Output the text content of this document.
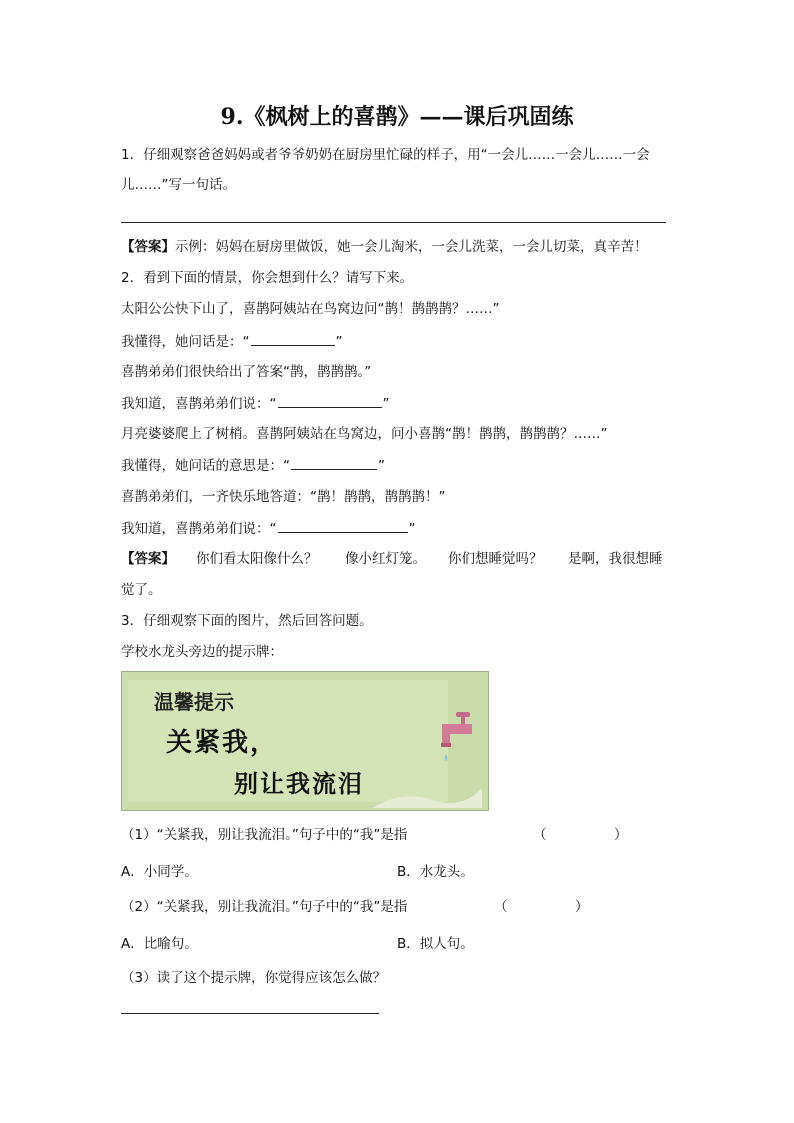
9.《枫树上的喜鹊》——课后巩固练
1．仔细观察爸爸妈妈或者爷爷奶奶在厨房里忙碌的样子，用“一会儿……一会儿……一会
儿……”写一句话。
【答案】示例：妈妈在厨房里做饭，她一会儿淘米，一会儿洗菜，一会儿切菜，真辛苦！
2．看到下面的情景，你会想到什么？请写下来。
太阳公公快下山了，喜鹊阿姨站在鸟窝边问“鹊！鹊鹊鹊？……”
我懂得，她问话是：“	”
喜鹊弟弟们很快给出了答案“鹊，鹊鹊鹊。”
我知道，喜鹊弟弟们说：“	”
月亮婆婆爬上了树梢。喜鹊阿姨站在鸟窝边，问小喜鹊“鹊！鹊鹊，鹊鹊鹊？……”
我懂得，她问话的意思是：“	”
喜鹊弟弟们，一齐快乐地答道：“鹊！鹊鹊，鹊鹊鹊！”
我知道，喜鹊弟弟们说：“	”
【答案】 你们看太阳像什么？ 像小红灯笼。 你们想睡觉吗？ 是啊，我很想睡
觉了。
3．仔细观察下面的图片，然后回答问题。
学校水龙头旁边的提示牌：
温馨提示
关紧我，
别让我流泪
（1）“关紧我，别让我流泪。”句子中的“我”是指	（　　　　　）
A．小同学。	B．水龙头。
（2）“关紧我，别让我流泪。”句子中的“我”是指	（　　　　　）
A．比喻句。	B．拟人句。
（3）读了这个提示牌，你觉得应该怎么做？
